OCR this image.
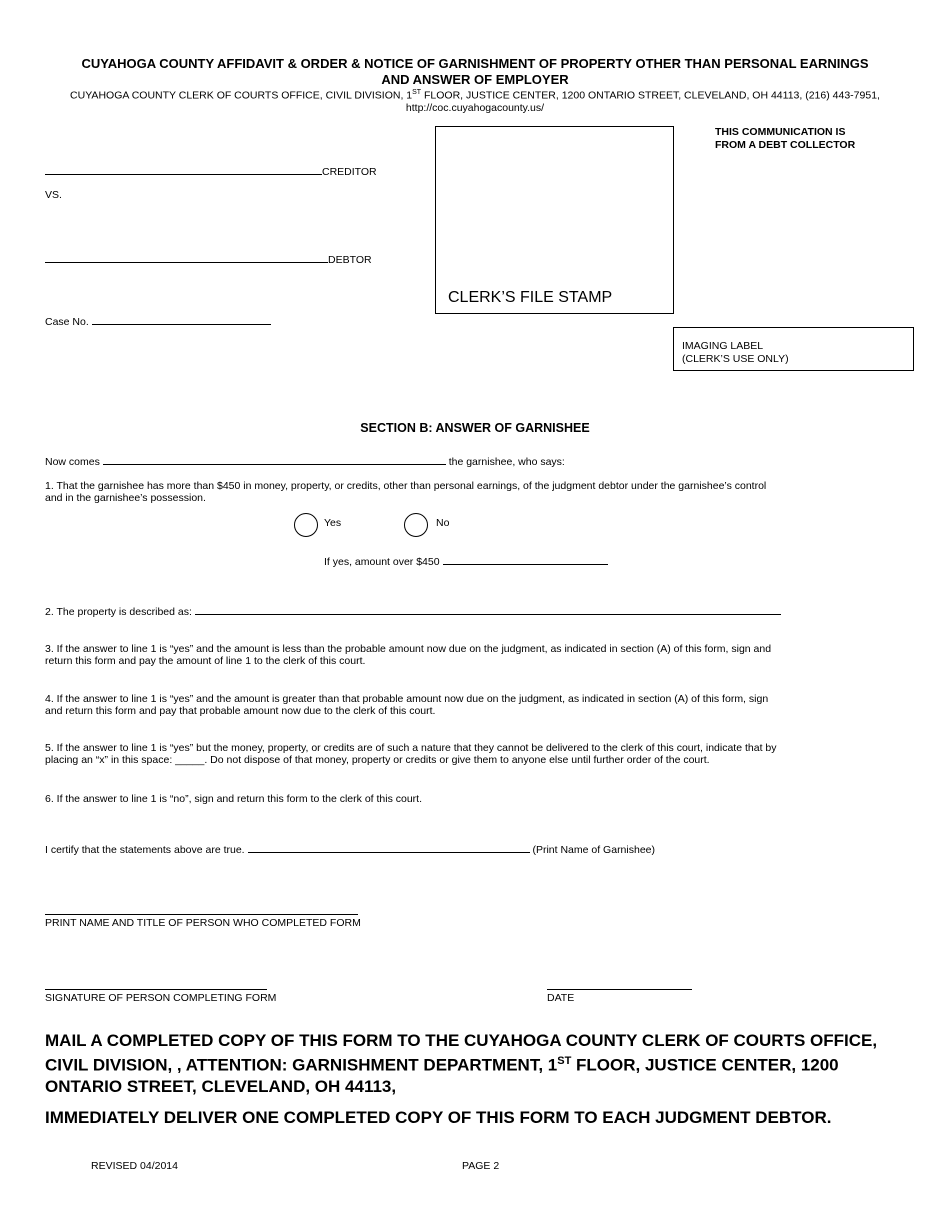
CUYAHOGA COUNTY AFFIDAVIT & ORDER & NOTICE OF GARNISHMENT OF PROPERTY OTHER THAN PERSONAL EARNINGS
AND ANSWER OF EMPLOYER
CUYAHOGA COUNTY CLERK OF COURTS OFFICE, CIVIL DIVISION, 1ST FLOOR, JUSTICE CENTER, 1200 ONTARIO STREET, CLEVELAND, OH 44113, (216) 443-7951,
http://coc.cuyahogacounty.us/
THIS COMMUNICATION IS
FROM A DEBT COLLECTOR
CREDITOR
VS.
DEBTOR
Case No.
CLERK’S FILE STAMP
IMAGING LABEL
(CLERK’S USE ONLY)
SECTION B: ANSWER OF GARNISHEE
Now comes	the garnishee, who says:
1. That the garnishee has more than $450 in money, property, or credits, other than personal earnings, of the judgment debtor under the garnishee’s control and in the garnishee’s possession.
Yes	No
If yes, amount over $450
2. The property is described as:
3. If the answer to line 1 is “yes” and the amount is less than the probable amount now due on the judgment, as indicated in section (A) of this form, sign and return this form and pay the amount of line 1 to the clerk of this court.
4. If the answer to line 1 is “yes” and the amount is greater than that probable amount now due on the judgment, as indicated in section (A) of this form, sign and return this form and pay that probable amount now due to the clerk of this court.
5. If the answer to line 1 is “yes” but the money, property, or credits are of such a nature that they cannot be delivered to the clerk of this court, indicate that by placing an “x” in this space: _____. Do not dispose of that money, property or credits or give them to anyone else until further order of the court.
6. If the answer to line 1 is “no”, sign and return this form to the clerk of this court.
I certify that the statements above are true.	(Print Name of Garnishee)
PRINT NAME AND TITLE OF PERSON WHO COMPLETED FORM
SIGNATURE OF PERSON COMPLETING FORM	DATE
MAIL A COMPLETED COPY OF THIS FORM TO THE CUYAHOGA COUNTY CLERK OF COURTS OFFICE, CIVIL DIVISION, , ATTENTION: GARNISHMENT DEPARTMENT, 1ST FLOOR, JUSTICE CENTER, 1200 ONTARIO STREET, CLEVELAND, OH 44113,
IMMEDIATELY DELIVER ONE COMPLETED COPY OF THIS FORM TO EACH JUDGMENT DEBTOR.
REVISED 04/2014	PAGE 2
